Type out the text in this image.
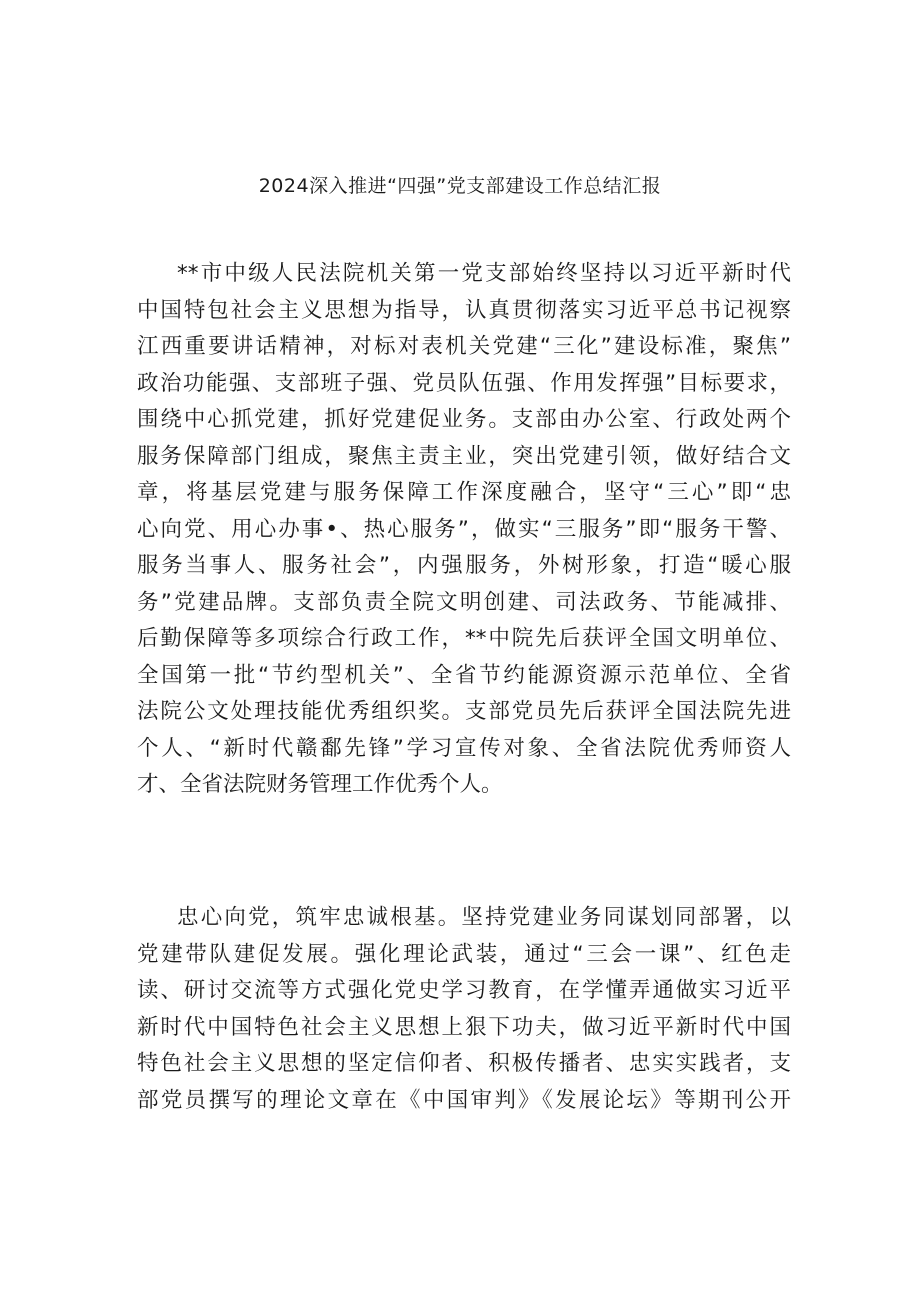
2024深入推进“四强”党支部建设工作总结汇报
**市中级人民法院机关第一党支部始终坚持以习近平新时代
中国特包社会主义思想为指导，认真贯彻落实习近平总书记视察
江西重要讲话精神，对标对表机关党建“三化”建设标准，聚焦”
政治功能强、支部班子强、党员队伍强、作用发挥强”目标要求，
围绕中心抓党建，抓好党建促业务。支部由办公室、行政处两个
服务保障部门组成，聚焦主责主业，突出党建引领，做好结合文
章，将基层党建与服务保障工作深度融合，坚守“三心”即“忠
心向党、用心办事•、热心服务”，做实“三服务”即“服务干警、
服务当事人、服务社会”，内强服务，外树形象，打造“暖心服
务”党建品牌。支部负责全院文明创建、司法政务、节能减排、
后勤保障等多项综合行政工作，**中院先后获评全国文明单位、
全国第一批“节约型机关”、全省节约能源资源示范单位、全省
法院公文处理技能优秀组织奖。支部党员先后获评全国法院先进
个人、“新时代赣鄱先锋”学习宣传对象、全省法院优秀师资人
才、全省法院财务管理工作优秀个人。
忠心向党，筑牢忠诚根基。坚持党建业务同谋划同部署，以
党建带队建促发展。强化理论武装，通过“三会一课”、红色走
读、研讨交流等方式强化党史学习教育，在学懂弄通做实习近平
新时代中国特色社会主义思想上狠下功夫，做习近平新时代中国
特色社会主义思想的坚定信仰者、积极传播者、忠实实践者，支
部党员撰写的理论文章在《中国审判》《发展论坛》等期刊公开
